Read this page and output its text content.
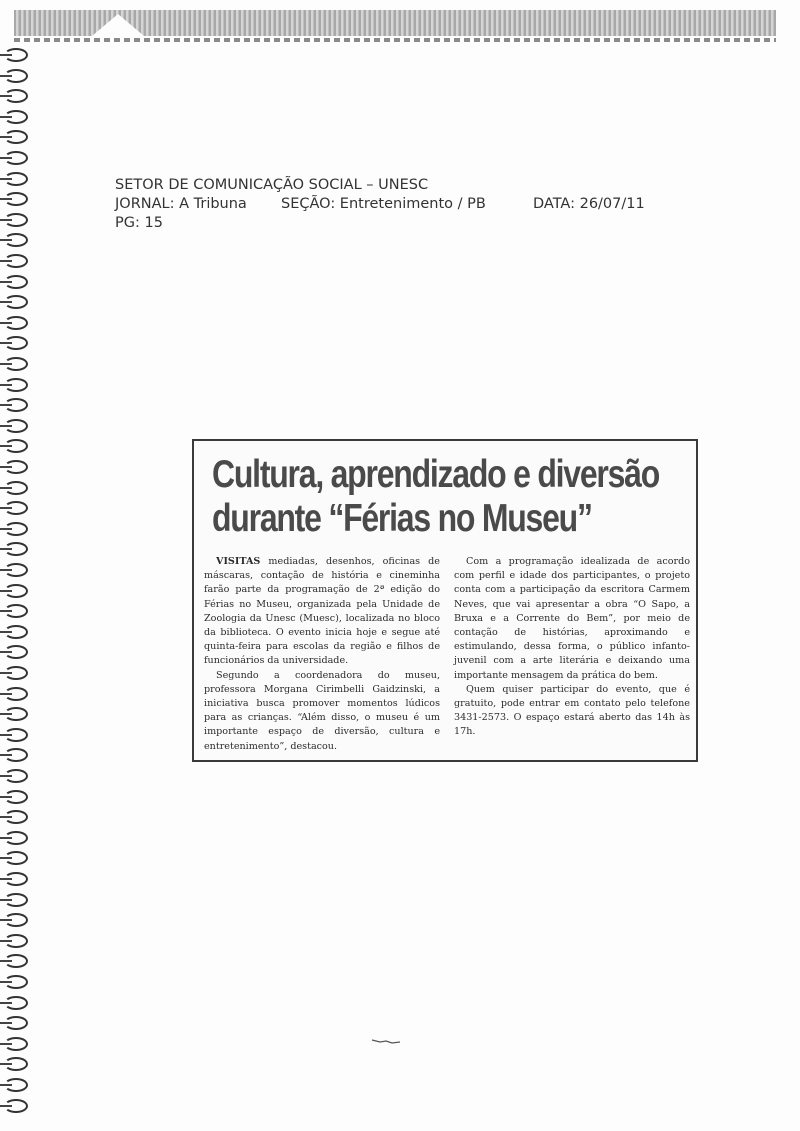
SETOR DE COMUNICAÇÃO SOCIAL – UNESC
JORNAL: A Tribuna SEÇÃO: Entretenimento / PB	DATA: 26/07/11
PG: 15
Cultura, aprendizado e diversão
durante “Férias no Museu”

VISITAS mediadas, desenhos, oficinas de máscaras, contação de história e cineminha farão parte da programação de 2ª edição do Férias no Museu, organizada pela Unidade de Zoologia da Unesc (Muesc), localizada no bloco da biblioteca. O evento inicia hoje e segue até quinta-feira para escolas da região e filhos de funcionários da universidade.

Segundo a coordenadora do museu, professora Morgana Cirimbelli Gaidzinski, a iniciativa busca promover momentos lúdicos para as crianças. “Além disso, o museu é um importante espaço de diversão, cultura e entretenimento”, destacou.

Com a programação idealizada de acordo com perfil e idade dos participantes, o projeto conta com a participação da escritora Carmem Neves, que vai apresentar a obra “O Sapo, a Bruxa e a Corrente do Bem”, por meio de contação de histórias, aproximando e estimulando, dessa forma, o público infanto-juvenil com a arte literária e deixando uma importante mensagem da prática do bem.

Quem quiser participar do evento, que é gratuito, pode entrar em contato pelo telefone 3431-2573. O espaço estará aberto das 14h às 17h.
